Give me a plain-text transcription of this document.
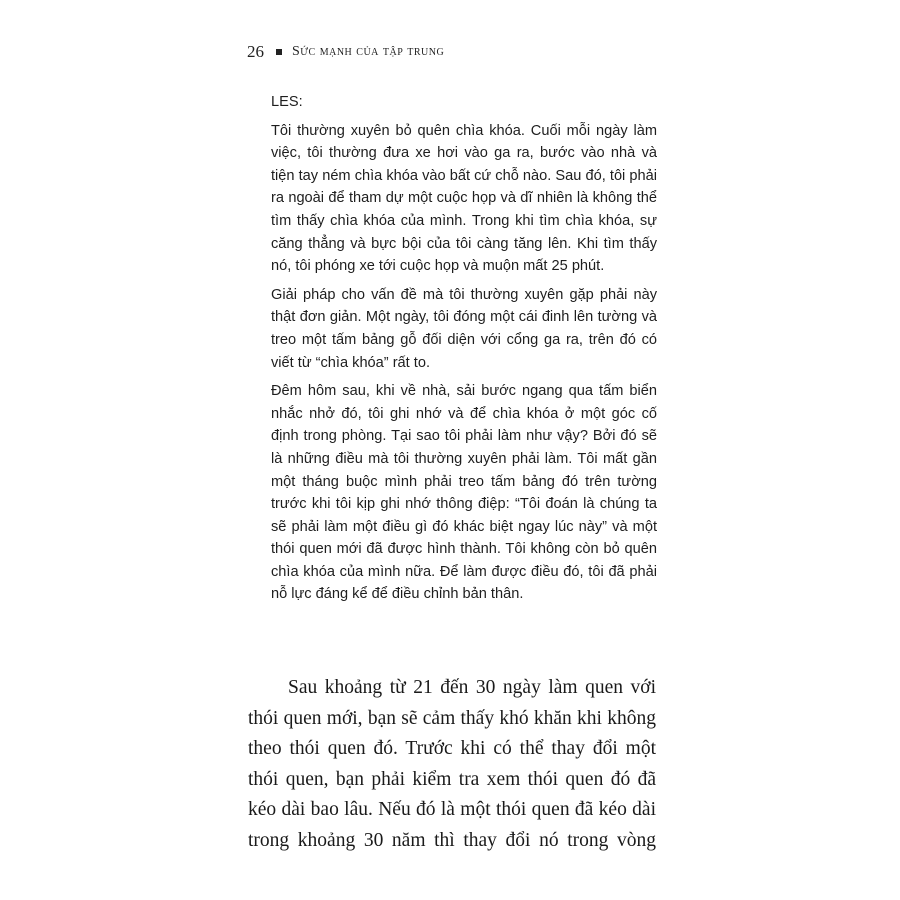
26 Sức mạnh của tập trung
LES:

Tôi thường xuyên bỏ quên chìa khóa. Cuối mỗi ngày làm việc, tôi thường đưa xe hơi vào ga ra, bước vào nhà và tiện tay ném chìa khóa vào bất cứ chỗ nào. Sau đó, tôi phải ra ngoài để tham dự một cuộc họp và dĩ nhiên là không thể tìm thấy chìa khóa của mình. Trong khi tìm chìa khóa, sự căng thẳng và bực bội của tôi càng tăng lên. Khi tìm thấy nó, tôi phóng xe tới cuộc họp và muộn mất 25 phút.

Giải pháp cho vấn đề mà tôi thường xuyên gặp phải này thật đơn giản. Một ngày, tôi đóng một cái đinh lên tường và treo một tấm bảng gỗ đối diện với cổng ga ra, trên đó có viết từ “chìa khóa” rất to.

Đêm hôm sau, khi về nhà, sải bước ngang qua tấm biển nhắc nhở đó, tôi ghi nhớ và để chìa khóa ở một góc cố định trong phòng. Tại sao tôi phải làm như vậy? Bởi đó sẽ là những điều mà tôi thường xuyên phải làm. Tôi mất gần một tháng buộc mình phải treo tấm bảng đó trên tường trước khi tôi kịp ghi nhớ thông điệp: “Tôi đoán là chúng ta sẽ phải làm một điều gì đó khác biệt ngay lúc này” và một thói quen mới đã được hình thành. Tôi không còn bỏ quên chìa khóa của mình nữa. Để làm được điều đó, tôi đã phải nỗ lực đáng kể để điều chỉnh bản thân.

Sau khoảng từ 21 đến 30 ngày làm quen với thói quen mới, bạn sẽ cảm thấy khó khăn khi không theo thói quen đó. Trước khi có thể thay đổi một thói quen, bạn phải kiểm tra xem thói quen đó đã kéo dài bao lâu. Nếu đó là một thói quen đã kéo dài trong khoảng 30 năm thì thay đổi nó trong vòng
